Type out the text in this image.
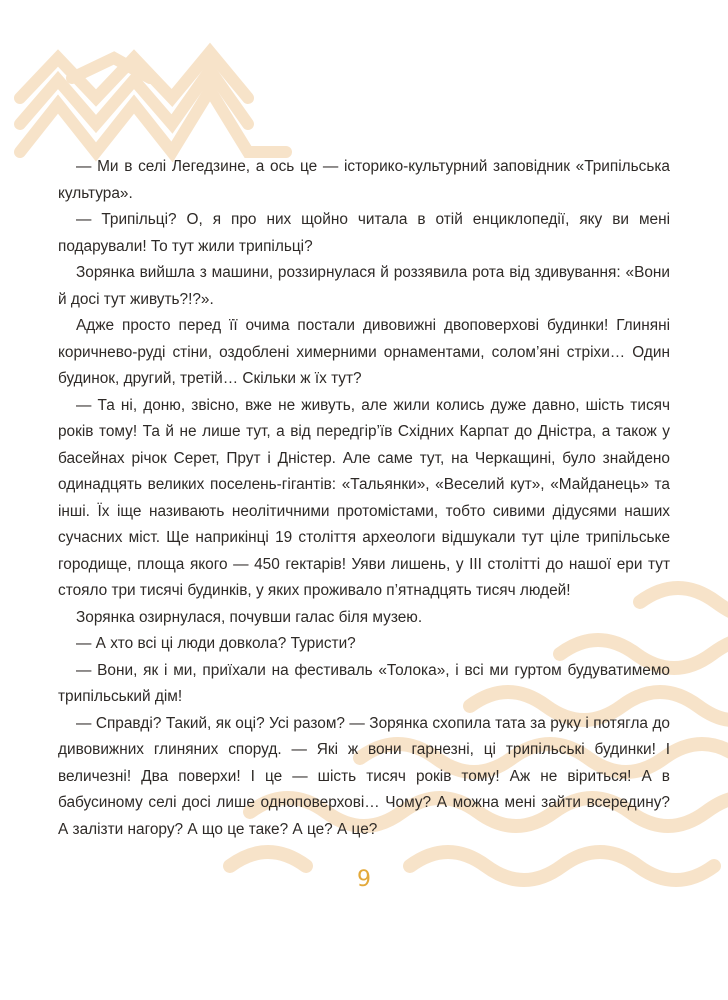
— Ми в селі Легедзине, а ось це — історико-культурний заповідник «Трипільська культура».

— Трипільці? О, я про них щойно читала в отій енциклопедії, яку ви мені подарували! То тут жили трипільці?

Зорянка вийшла з машини, роззирнулася й роззявила рота від здивування: «Вони й досі тут живуть?!?».

Адже просто перед її очима постали дивовижні двоповерхові будинки! Глиняні коричнево-руді стіни, оздоблені химерними орнаментами, солом’яні стріхи… Один будинок, другий, третій… Скільки ж їх тут?

— Та ні, доню, звісно, вже не живуть, але жили колись дуже давно, шість тисяч років тому! Та й не лише тут, а від передгір’їв Східних Карпат до Дністра, а також у басейнах річок Серет, Прут і Дністер. Але саме тут, на Черкащині, було знайдено одинадцять великих поселень-гігантів: «Тальянки», «Веселий кут», «Майданець» та інші. Їх іще називають неолітичними протомістами, тобто сивими дідусями наших сучасних міст. Ще наприкінці 19 століття археологи відшукали тут ціле трипільське городище, площа якого — 450 гектарів! Уяви лишень, у III столітті до нашої ери тут стояло три тисячі будинків, у яких проживало п’ятнадцять тисяч людей!

Зорянка озирнулася, почувши галас біля музею.

— А хто всі ці люди довкола? Туристи?

— Вони, як і ми, приїхали на фестиваль «Толока», і всі ми гуртом будуватимемо трипільський дім!

— Справді? Такий, як оці? Усі разом? — Зорянка схопила тата за руку і потягла до дивовижних глиняних споруд. — Які ж вони гарнезні, ці трипільські будинки! І величезні! Два поверхи! І це — шість тисяч років тому! Аж не віриться! А в бабусиному селі досі лише одноповерхові… Чому? А можна мені зайти всередину? А залізти нагору? А що це таке? А це? А це?

9
